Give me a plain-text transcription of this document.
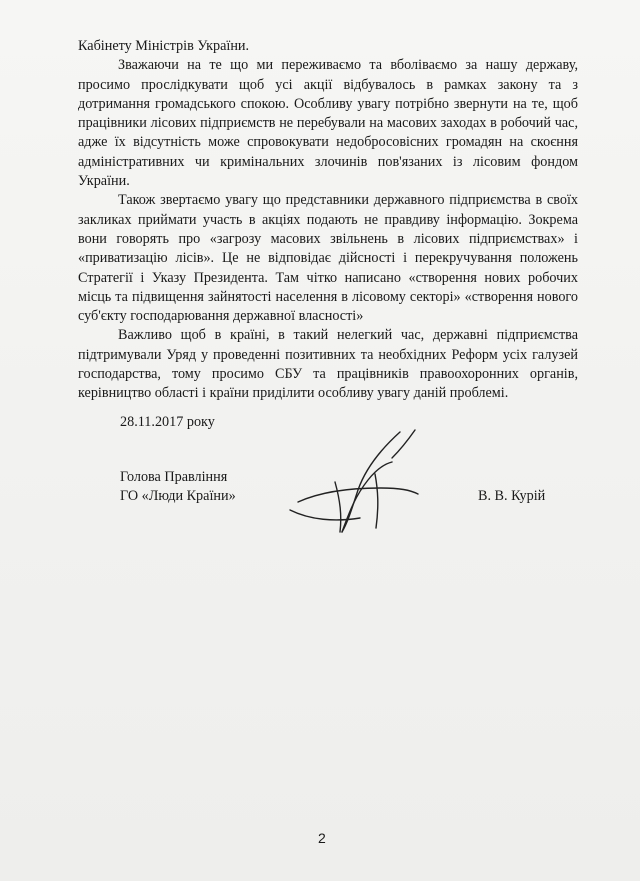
Кабінету Міністрів України.

Зважаючи на те що ми переживаємо та вболіваємо за нашу державу, просимо прослідкувати щоб усі акції відбувалось в рамках закону та з дотримання громадського спокою. Особливу увагу потрібно звернути на те, щоб працівники лісових підприємств не перебували на масових заходах в робочий час, адже їх відсутність може спровокувати недобросовісних громадян на скоєння адміністративних чи кримінальних злочинів пов'язаних із лісовим фондом України.

Також звертаємо увагу що представники державного підприємства в своїх закликах приймати участь в акціях подають не правдиву інформацію. Зокрема вони говорять про «загрозу масових звільнень в лісових підприємствах» і «приватизацію лісів». Це не відповідає дійсності і перекручування положень Стратегії і Указу Президента. Там чітко написано «створення нових робочих місць та підвищення зайнятості населення в лісовому секторі» «створення нового суб'єкту господарювання державної власності»

Важливо щоб в країні, в такий нелегкий час, державні підприємства підтримували Уряд у проведенні позитивних та необхідних Реформ усіх галузей господарства, тому просимо СБУ та працівників правоохоронних органів, керівництво області і країни приділити особливу увагу даній проблемі.

28.11.2017 року
Голова Правління
ГО «Люди Країни»	В. В. Курій
2
